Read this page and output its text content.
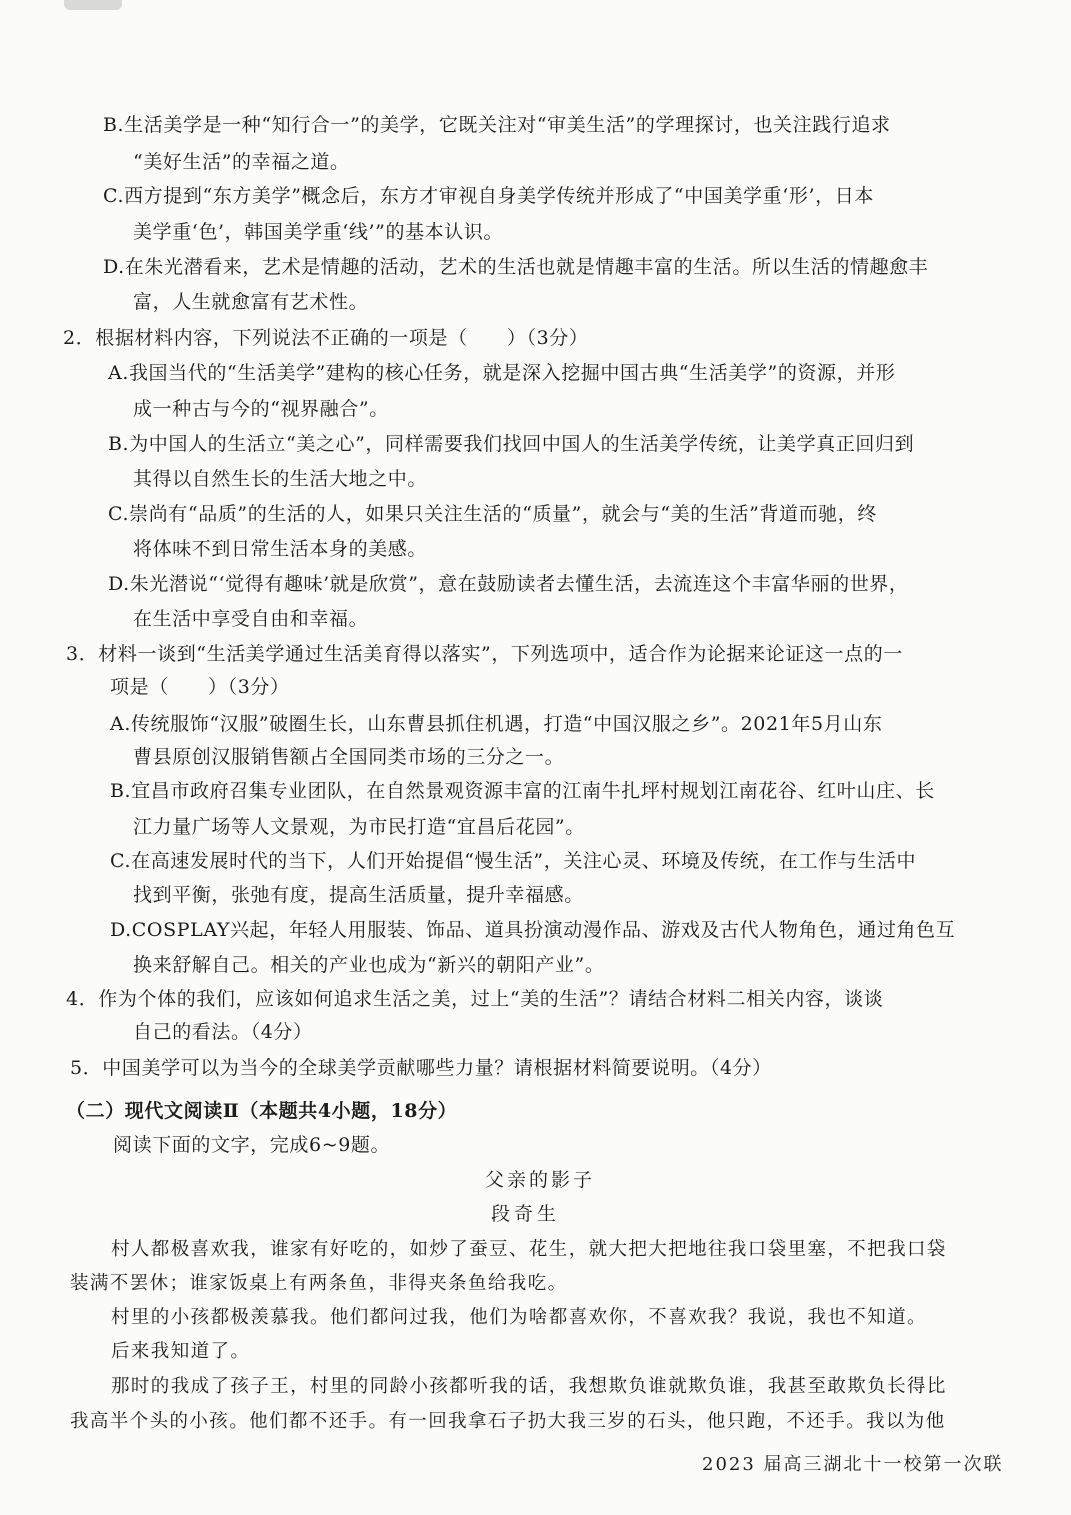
B.生活美学是一种“知行合一”的美学，它既关注对“审美生活”的学理探讨，也关注践行追求
“美好生活”的幸福之道。
C.西方提到“东方美学”概念后，东方才审视自身美学传统并形成了“中国美学重‘形’，日本
美学重‘色’，韩国美学重‘线’”的基本认识。
D.在朱光潜看来，艺术是情趣的活动，艺术的生活也就是情趣丰富的生活。所以生活的情趣愈丰
富，人生就愈富有艺术性。
2．根据材料内容，下列说法不正确的一项是（　　）（3分）
A.我国当代的“生活美学”建构的核心任务，就是深入挖掘中国古典“生活美学”的资源，并形
成一种古与今的“视界融合”。
B.为中国人的生活立“美之心”，同样需要我们找回中国人的生活美学传统，让美学真正回归到
其得以自然生长的生活大地之中。
C.崇尚有“品质”的生活的人，如果只关注生活的“质量”，就会与“美的生活”背道而驰，终
将体味不到日常生活本身的美感。
D.朱光潜说“‘觉得有趣味’就是欣赏”，意在鼓励读者去懂生活，去流连这个丰富华丽的世界，
在生活中享受自由和幸福。
3．材料一谈到“生活美学通过生活美育得以落实”，下列选项中，适合作为论据来论证这一点的一
项是（　　）（3分）
A.传统服饰“汉服”破圈生长，山东曹县抓住机遇，打造“中国汉服之乡”。2021年5月山东
曹县原创汉服销售额占全国同类市场的三分之一。
B.宜昌市政府召集专业团队，在自然景观资源丰富的江南牛扎坪村规划江南花谷、红叶山庄、长
江力量广场等人文景观，为市民打造“宜昌后花园”。
C.在高速发展时代的当下，人们开始提倡“慢生活”，关注心灵、环境及传统，在工作与生活中
找到平衡，张弛有度，提高生活质量，提升幸福感。
D.COSPLAY兴起，年轻人用服装、饰品、道具扮演动漫作品、游戏及古代人物角色，通过角色互
换来舒解自己。相关的产业也成为“新兴的朝阳产业”。
4．作为个体的我们，应该如何追求生活之美，过上“美的生活”？请结合材料二相关内容，谈谈
自己的看法。（4分）
5．中国美学可以为当今的全球美学贡献哪些力量？请根据材料简要说明。（4分）
（二）现代文阅读Ⅱ（本题共4小题，18分）
阅读下面的文字，完成6~9题。
父亲的影子
段奇生
村人都极喜欢我，谁家有好吃的，如炒了蚕豆、花生，就大把大把地往我口袋里塞，不把我口袋
装满不罢休；谁家饭桌上有两条鱼，非得夹条鱼给我吃。
村里的小孩都极羡慕我。他们都问过我，他们为啥都喜欢你，不喜欢我？我说，我也不知道。
后来我知道了。
那时的我成了孩子王，村里的同龄小孩都听我的话，我想欺负谁就欺负谁，我甚至敢欺负长得比
我高半个头的小孩。他们都不还手。有一回我拿石子扔大我三岁的石头，他只跑，不还手。我以为他
2023 届高三湖北十一校第一次联
